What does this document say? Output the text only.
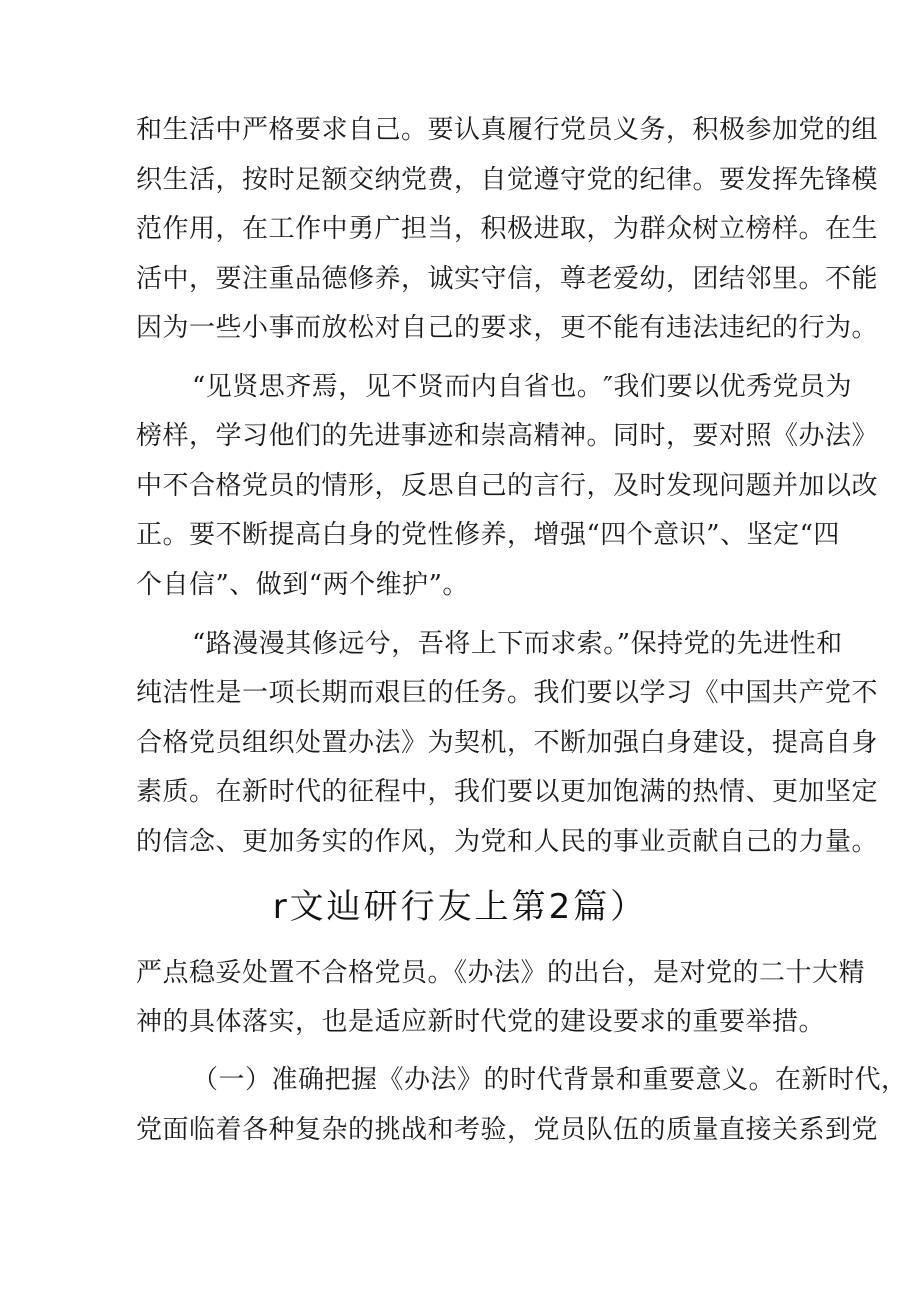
和生活中严格要求自己。要认真履行党员义务，积极参加党的组
织生活，按时足额交纳党费，自觉遵守党的纪律。要发挥先锋模
范作用，在工作中勇广担当，积极进取，为群众树立榜样。在生
活中，要注重品德修养，诚实守信，尊老爱幼，团结邻里。不能
因为一些小事而放松对自己的要求，更不能有违法违纪的行为。
“见贤思齐焉，见不贤而内自省也。″我们要以优秀党员为
榜样，学习他们的先进事迹和崇高精神。同时，要对照《办法》
中不合格党员的情形，反思自己的言行，及时发现问题并加以改
正。要不断提高白身的党性修养，增强“四个意识”、坚定“四
个自信”、做到“两个维护”。
“路漫漫其修远兮，吾将上下而求索。”保持党的先进性和
纯洁性是一项长期而艰巨的任务。我们要以学习《中国共产党不
合格党员组织处置办法》为契机，不断加强白身建设，提高自身
素质。在新时代的征程中，我们要以更加饱满的热情、更加坚定
的信念、更加务实的作风，为党和人民的事业贡献自己的力量。
r文辿研行友上第2篇）
严点稳妥处置不合格党员。《办法》的出台，是对党的二十大精
神的具体落实，也是适应新时代党的建设要求的重要举措。
（一）准确把握《办法》的时代背景和重要意义。在新时代，
党面临着各种复杂的挑战和考验，党员队伍的质量直接关系到党
